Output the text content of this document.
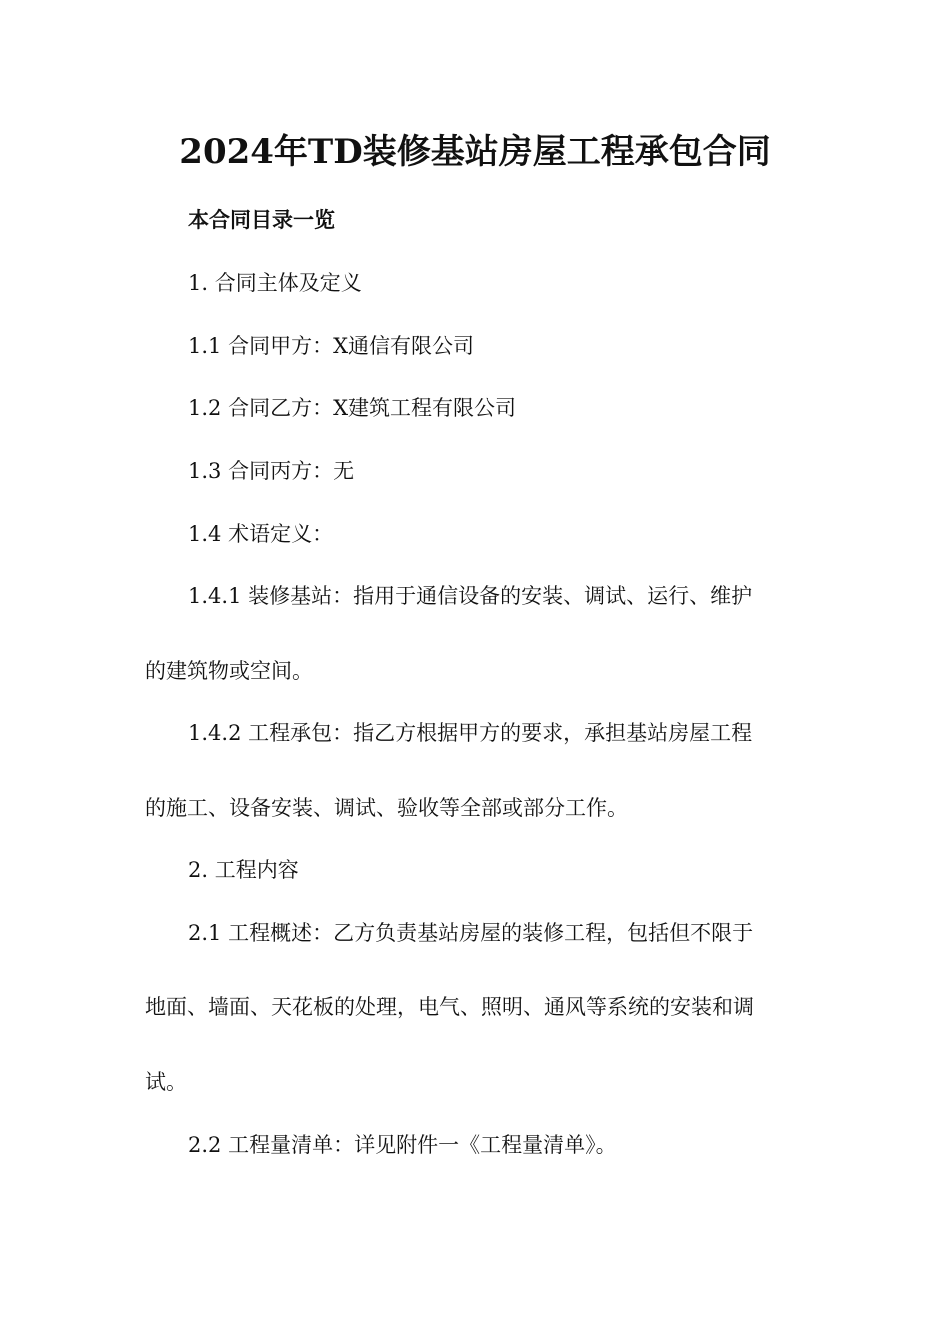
2024年TD装修基站房屋工程承包合同
本合同目录一览
1. 合同主体及定义
1.1 合同甲方：X通信有限公司
1.2 合同乙方：X建筑工程有限公司
1.3 合同丙方：无
1.4 术语定义：
1.4.1 装修基站：指用于通信设备的安装、调试、运行、维护
的建筑物或空间。
1.4.2 工程承包：指乙方根据甲方的要求，承担基站房屋工程
的施工、设备安装、调试、验收等全部或部分工作。
2. 工程内容
2.1 工程概述：乙方负责基站房屋的装修工程，包括但不限于
地面、墙面、天花板的处理，电气、照明、通风等系统的安装和调
试。
2.2 工程量清单：详见附件一《工程量清单》。
